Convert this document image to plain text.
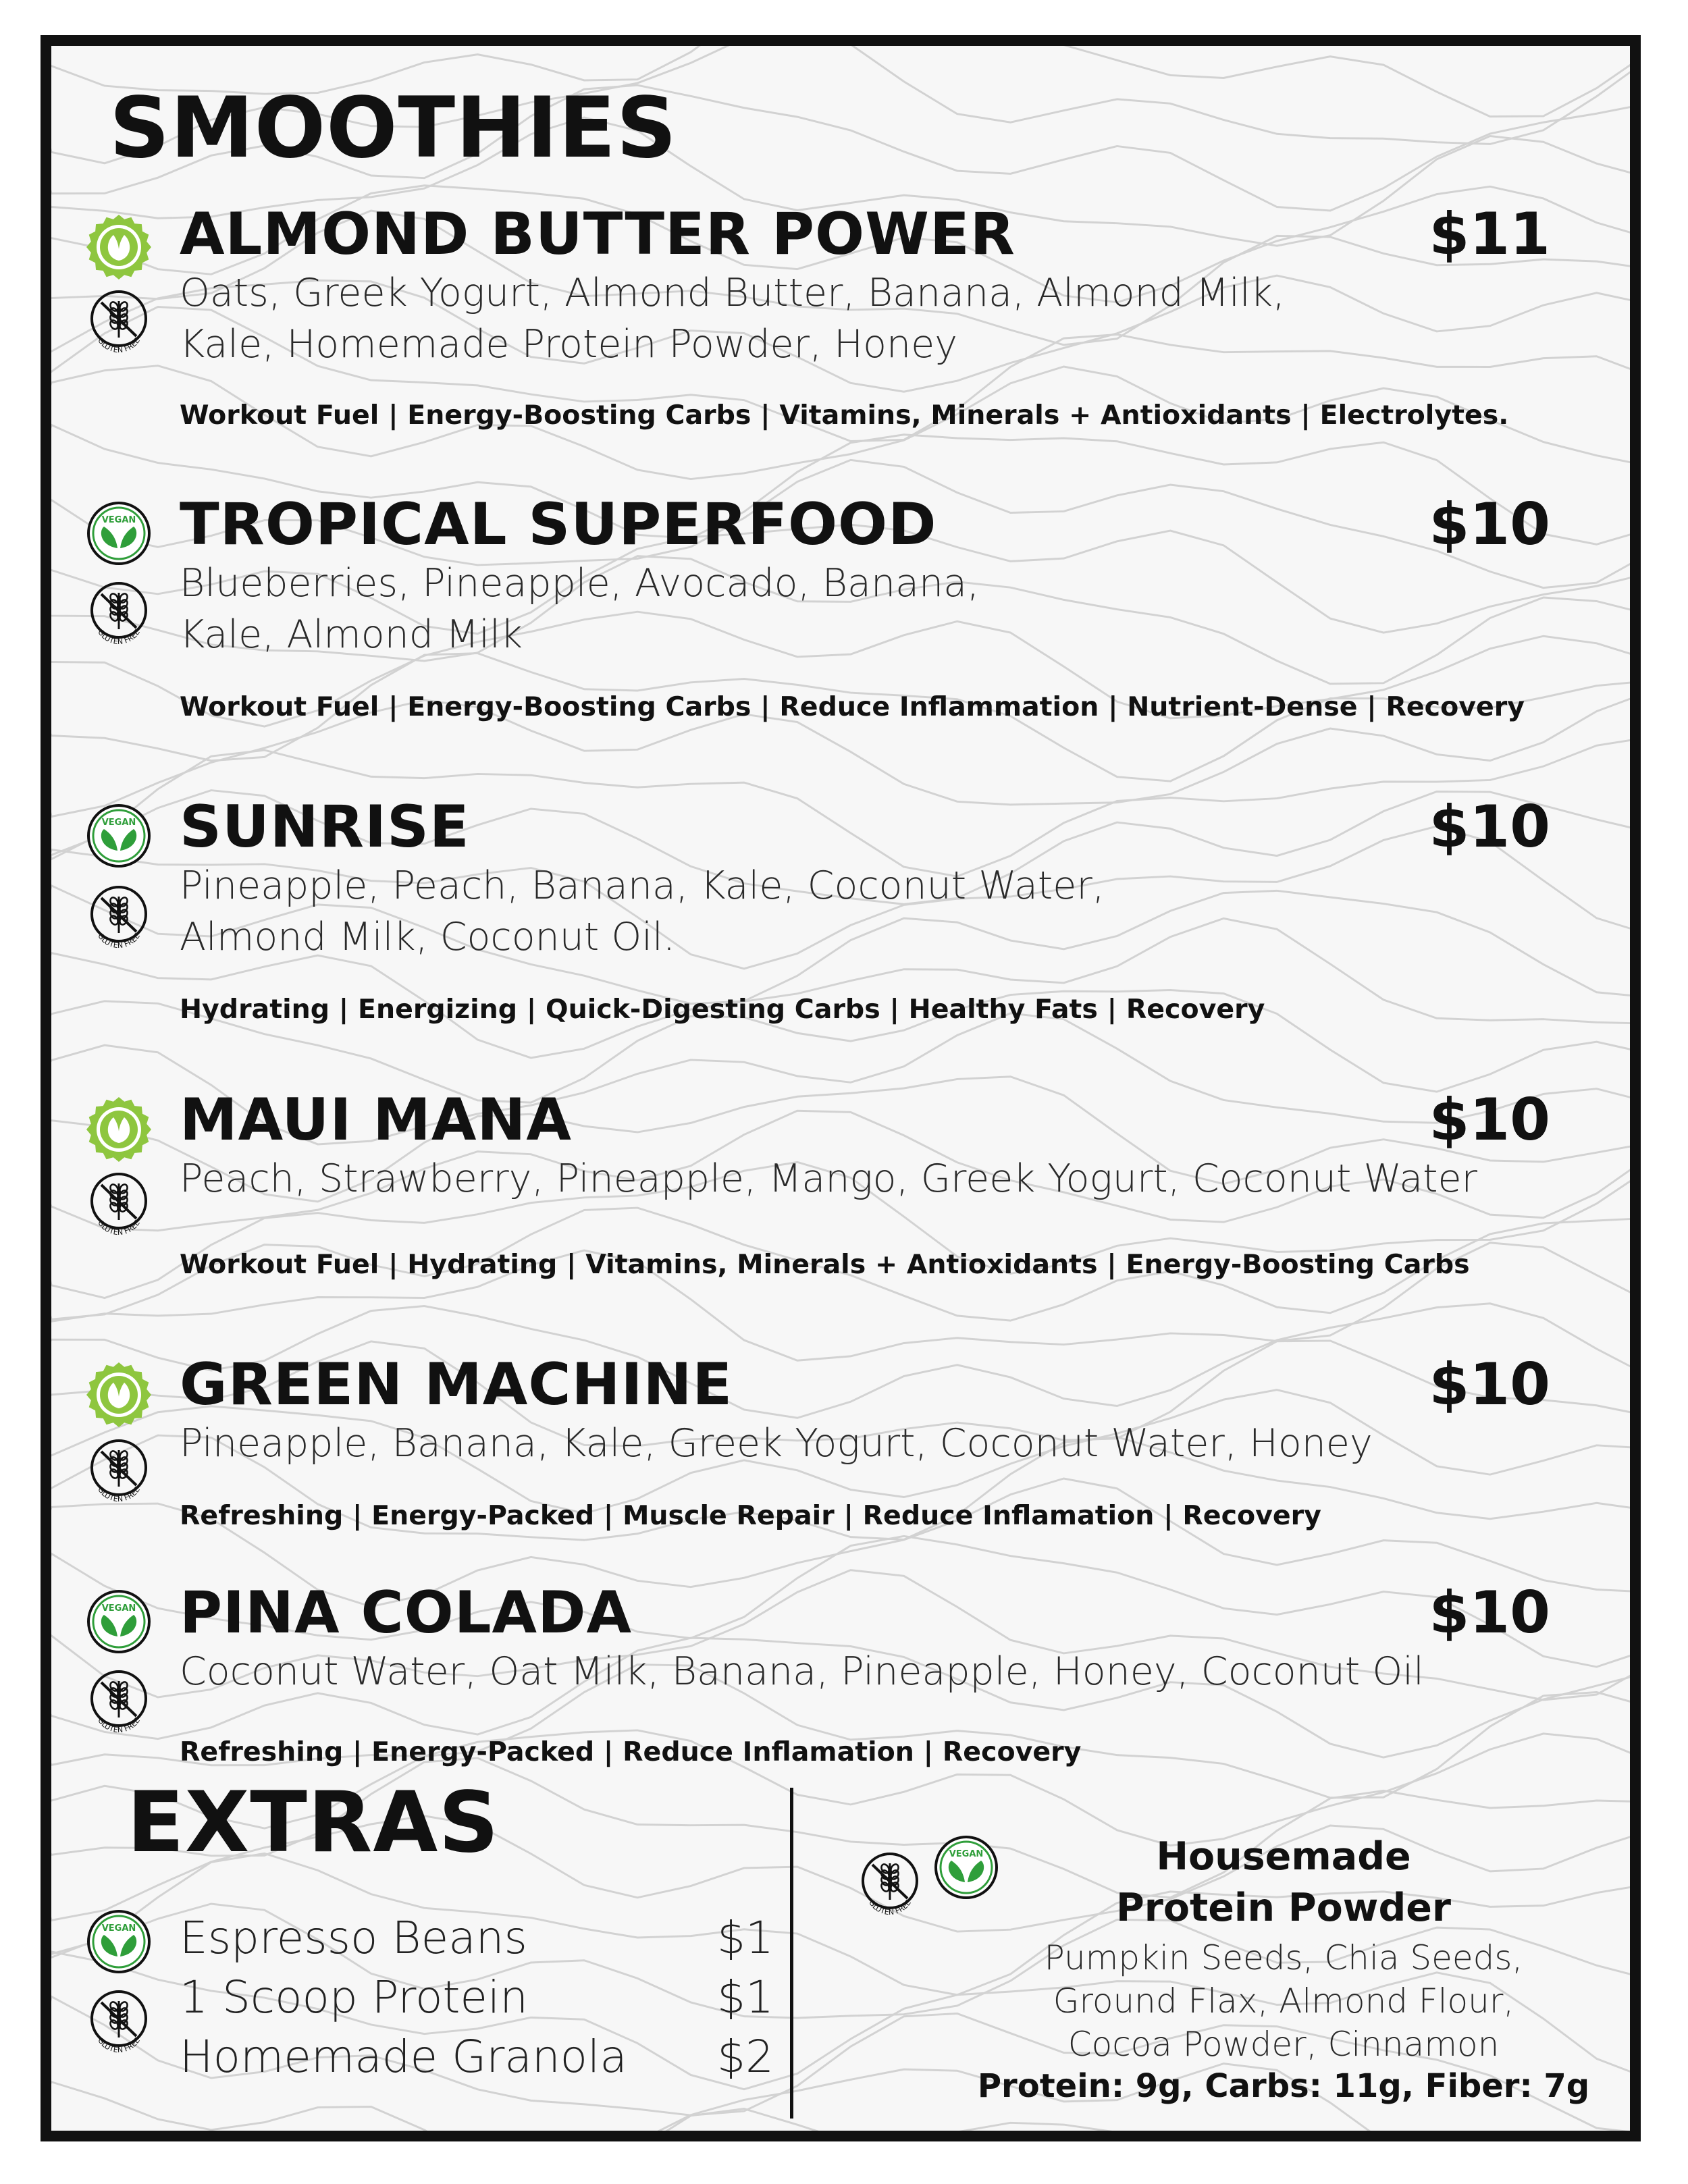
SMOOTHIES
GLUTEN FREE
ALMOND BUTTER POWER	$11
Oats, Greek Yogurt, Almond Butter, Banana, Almond Milk,
Kale, Homemade Protein Powder, Honey
Workout Fuel | Energy-Boosting Carbs | Vitamins, Minerals + Antioxidants | Electrolytes.
VEGAN
GLUTEN FREE
TROPICAL SUPERFOOD	$10
Blueberries, Pineapple, Avocado, Banana,
Kale, Almond Milk
Workout Fuel | Energy-Boosting Carbs | Reduce Inflammation | Nutrient-Dense | Recovery
VEGAN
GLUTEN FREE
SUNRISE	$10
Pineapple, Peach, Banana, Kale, Coconut Water,
Almond Milk, Coconut Oil.
Hydrating | Energizing | Quick-Digesting Carbs | Healthy Fats | Recovery
GLUTEN FREE
MAUI MANA	$10
Peach, Strawberry, Pineapple, Mango, Greek Yogurt, Coconut Water
Workout Fuel | Hydrating | Vitamins, Minerals + Antioxidants | Energy-Boosting Carbs
GLUTEN FREE
GREEN MACHINE	$10
Pineapple, Banana, Kale, Greek Yogurt, Coconut Water, Honey
Refreshing | Energy-Packed | Muscle Repair | Reduce Inflamation | Recovery
VEGAN
GLUTEN FREE
PINA COLADA	$10
Coconut Water, Oat Milk, Banana, Pineapple, Honey, Coconut Oil
Refreshing | Energy-Packed | Reduce Inflamation | Recovery
EXTRAS
VEGAN
GLUTEN FREE
Espresso Beans	$1
1 Scoop Protein	$1
Homemade Granola $2
GLUTEN FREE
VEGAN	Housemade
Protein Powder
Pumpkin Seeds, Chia Seeds,
Ground Flax, Almond Flour,
Cocoa Powder, Cinnamon
Protein: 9g, Carbs: 11g, Fiber: 7g
